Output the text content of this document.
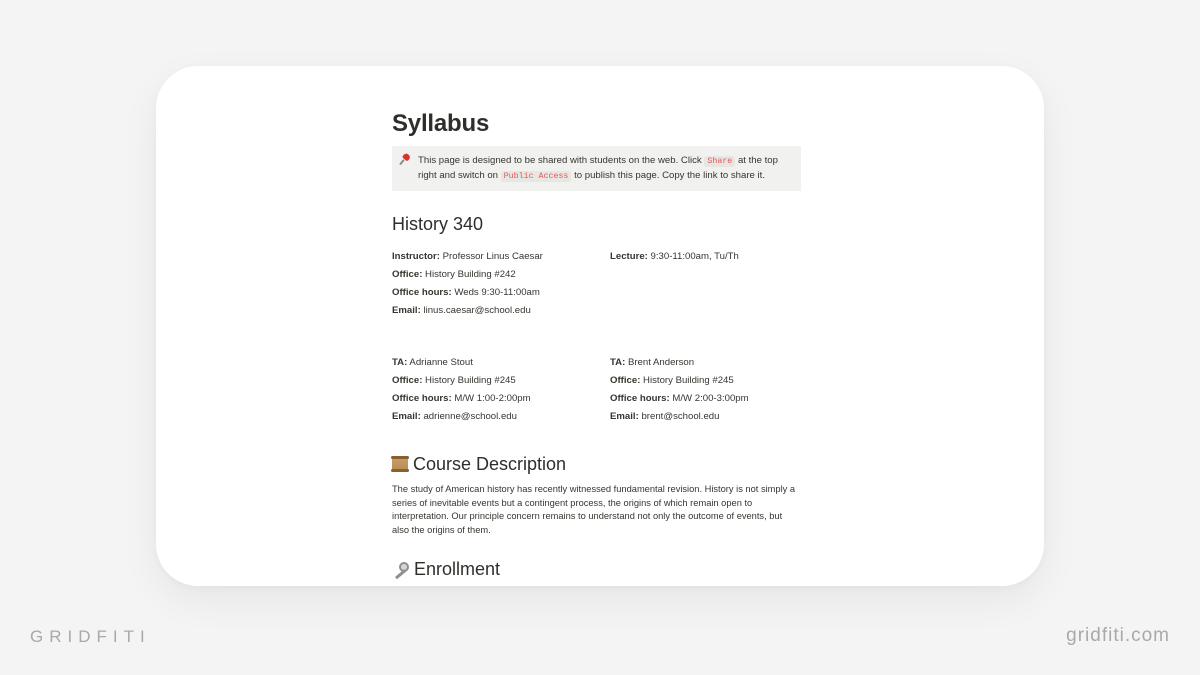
Syllabus
This page is designed to be shared with students on the web. Click Share at the top right and switch on Public Access to publish this page. Copy the link to share it.
History 340
Instructor: Professor Linus Caesar
Office: History Building #242
Office hours: Weds 9:30-11:00am
Email: linus.caesar@school.edu
Lecture: 9:30-11:00am, Tu/Th
TA: Adrianne Stout
Office: History Building #245
Office hours: M/W 1:00-2:00pm
Email: adrienne@school.edu
TA: Brent Anderson
Office: History Building #245
Office hours: M/W 2:00-3:00pm
Email: brent@school.edu
Course Description

The study of American history has recently witnessed fundamental revision. History is not simply a series of inevitable events but a contingent process, the origins of which remain open to interpretation. Our principle concern remains to understand not only the outcome of events, but also the origins of them.

Enrollment
GRIDFITI	gridfiti.com
